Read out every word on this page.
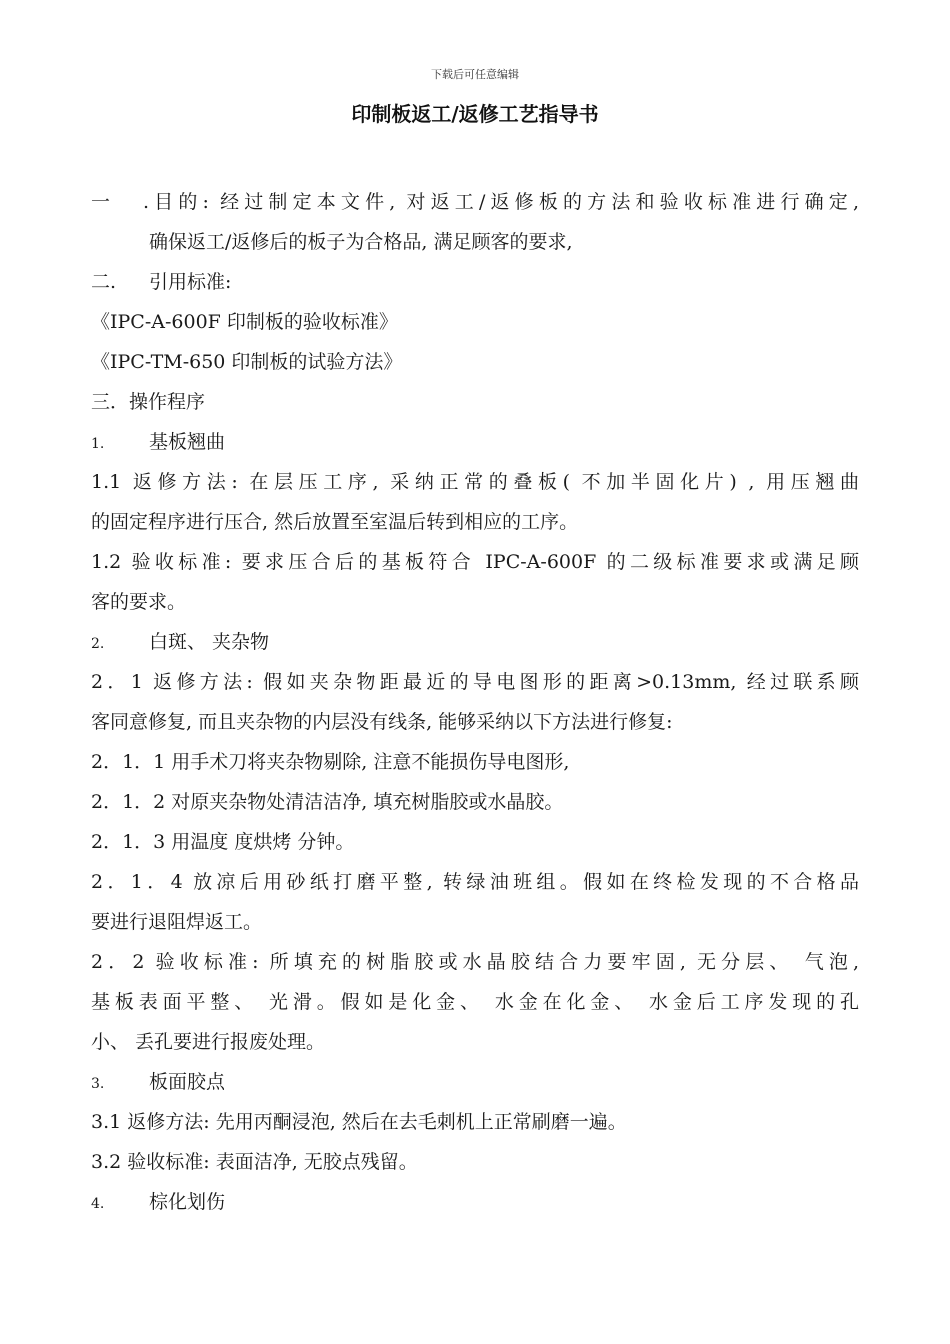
下载后可任意编辑
印制板返工/返修工艺指导书
一.目的: 经过制定本文件, 对返工/返修板的方法和验收标准进行确定,
确保返工/返修后的板子为合格品, 满足顾客的要求,
二. 引用标准:
《IPC-A-600F 印制板的验收标准》
《IPC-TM-650 印制板的试验方法》
三．操作程序
1. 基板翘曲
1.1 返修方法: 在层压工序, 采纳正常的叠板( 不加半固化片) , 用压翘曲
的固定程序进行压合, 然后放置至室温后转到相应的工序。
1.2 验收标准: 要求压合后的基板符合 IPC-A-600F 的二级标准要求或满足顾
客的要求。
2. 白斑、 夹杂物
2．1 返修方法: 假如夹杂物距最近的导电图形的距离>0.13mm, 经过联系顾
客同意修复, 而且夹杂物的内层没有线条, 能够采纳以下方法进行修复:
2．1．1 用手术刀将夹杂物剔除, 注意不能损伤导电图形,
2．1．2 对原夹杂物处清洁洁净, 填充树脂胶或水晶胶。
2．1．3 用温度 度烘烤 分钟。
2．1．4 放凉后用砂纸打磨平整, 转绿油班组。假如在终检发现的不合格品
要进行退阻焊返工。
2．2 验收标准: 所填充的树脂胶或水晶胶结合力要牢固, 无分层、 气泡,
基板表面平整、 光滑。假如是化金、 水金在化金、 水金后工序发现的孔
小、 丢孔要进行报废处理。
3. 板面胶点
3.1 返修方法: 先用丙酮浸泡, 然后在去毛刺机上正常刷磨一遍。
3.2 验收标准: 表面洁净, 无胶点残留。
4. 棕化划伤
